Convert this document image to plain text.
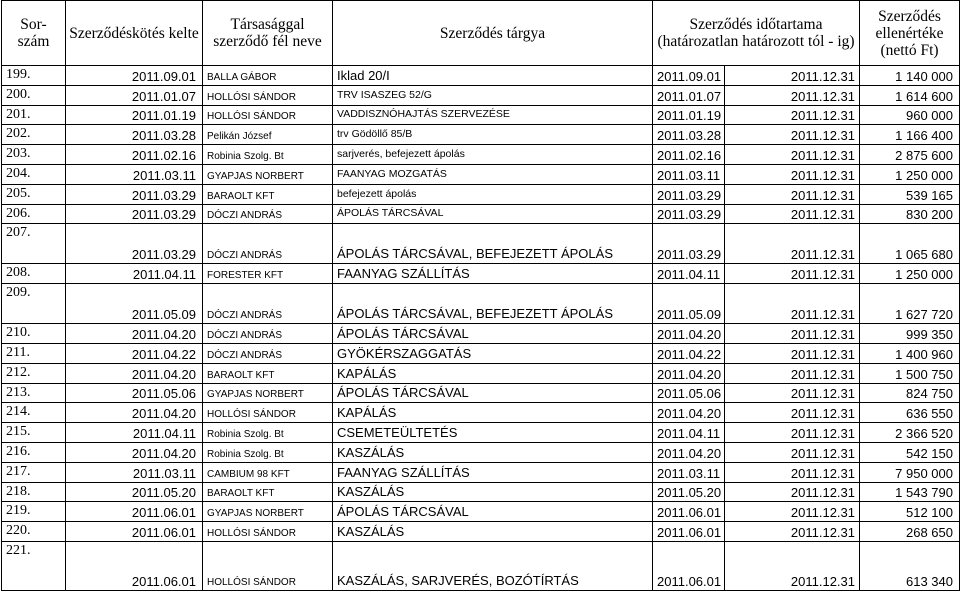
Sor-
szám	Szerződéskötés kelte	Társasággal szerződő fél neve	Szerződés tárgya	Szerződés időtartama (határozatlan határozott tól - ig)		Szerződés ellenértéke (nettó Ft)
199.	2011.09.01	BALLA GÁBOR	Iklad 20/I	2011.09.01	2011.12.31	1 140 000
200.	2011.01.07	HOLLÓSI SÁNDOR	TRV ISASZEG 52/G	2011.01.07	2011.12.31	1 614 600
201.	2011.01.19	HOLLÓSI SÁNDOR	VADDISZNÓHAJTÁS SZERVEZÉSE	2011.01.19	2011.12.31	960 000
202.	2011.03.28	Pelikán József	trv Gödöllő 85/B	2011.03.28	2011.12.31	1 166 400
203.	2011.02.16	Robinia Szolg. Bt	sarjverés, befejezett ápolás	2011.02.16	2011.12.31	2 875 600
204.	2011.03.11	GYAPJAS NORBERT	FAANYAG MOZGATÁS	2011.03.11	2011.12.31	1 250 000
205.	2011.03.29	BARAOLT KFT	befejezett ápolás	2011.03.29	2011.12.31	539 165
206.	2011.03.29	DÓCZI ANDRÁS	ÁPOLÁS TÁRCSÁVAL	2011.03.29	2011.12.31	830 200
207.	2011.03.29	DÓCZI ANDRÁS	ÁPOLÁS TÁRCSÁVAL, BEFEJEZETT ÁPOLÁS	2011.03.29	2011.12.31	1 065 680
208.	2011.04.11	FORESTER KFT	FAANYAG SZÁLLÍTÁS	2011.04.11	2011.12.31	1 250 000
209.	2011.05.09	DÓCZI ANDRÁS	ÁPOLÁS TÁRCSÁVAL, BEFEJEZETT ÁPOLÁS	2011.05.09	2011.12.31	1 627 720
210.	2011.04.20	DÓCZI ANDRÁS	ÁPOLÁS TÁRCSÁVAL	2011.04.20	2011.12.31	999 350
211.	2011.04.22	DÓCZI ANDRÁS	GYÖKÉRSZAGGATÁS	2011.04.22	2011.12.31	1 400 960
212.	2011.04.20	BARAOLT KFT	KAPÁLÁS	2011.04.20	2011.12.31	1 500 750
213.	2011.05.06	GYAPJAS NORBERT	ÁPOLÁS TÁRCSÁVAL	2011.05.06	2011.12.31	824 750
214.	2011.04.20	HOLLÓSI SÁNDOR	KAPÁLÁS	2011.04.20	2011.12.31	636 550
215.	2011.04.11	Robinia Szolg. Bt	CSEMETEÜLTETÉS	2011.04.11	2011.12.31	2 366 520
216.	2011.04.20	Robinia Szolg. Bt	KASZÁLÁS	2011.04.20	2011.12.31	542 150
217.	2011.03.11	CAMBIUM 98 KFT	FAANYAG SZÁLLÍTÁS	2011.03.11	2011.12.31	7 950 000
218.	2011.05.20	BARAOLT KFT	KASZÁLÁS	2011.05.20	2011.12.31	1 543 790
219.	2011.06.01	GYAPJAS NORBERT	ÁPOLÁS TÁRCSÁVAL	2011.06.01	2011.12.31	512 100
220.	2011.06.01	HOLLÓSI SÁNDOR	KASZÁLÁS	2011.06.01	2011.12.31	268 650
221.	2011.06.01	HOLLÓSI SÁNDOR	KASZÁLÁS, SARJVERÉS, BOZÓTÍRTÁS	2011.06.01	2011.12.31	613 340
